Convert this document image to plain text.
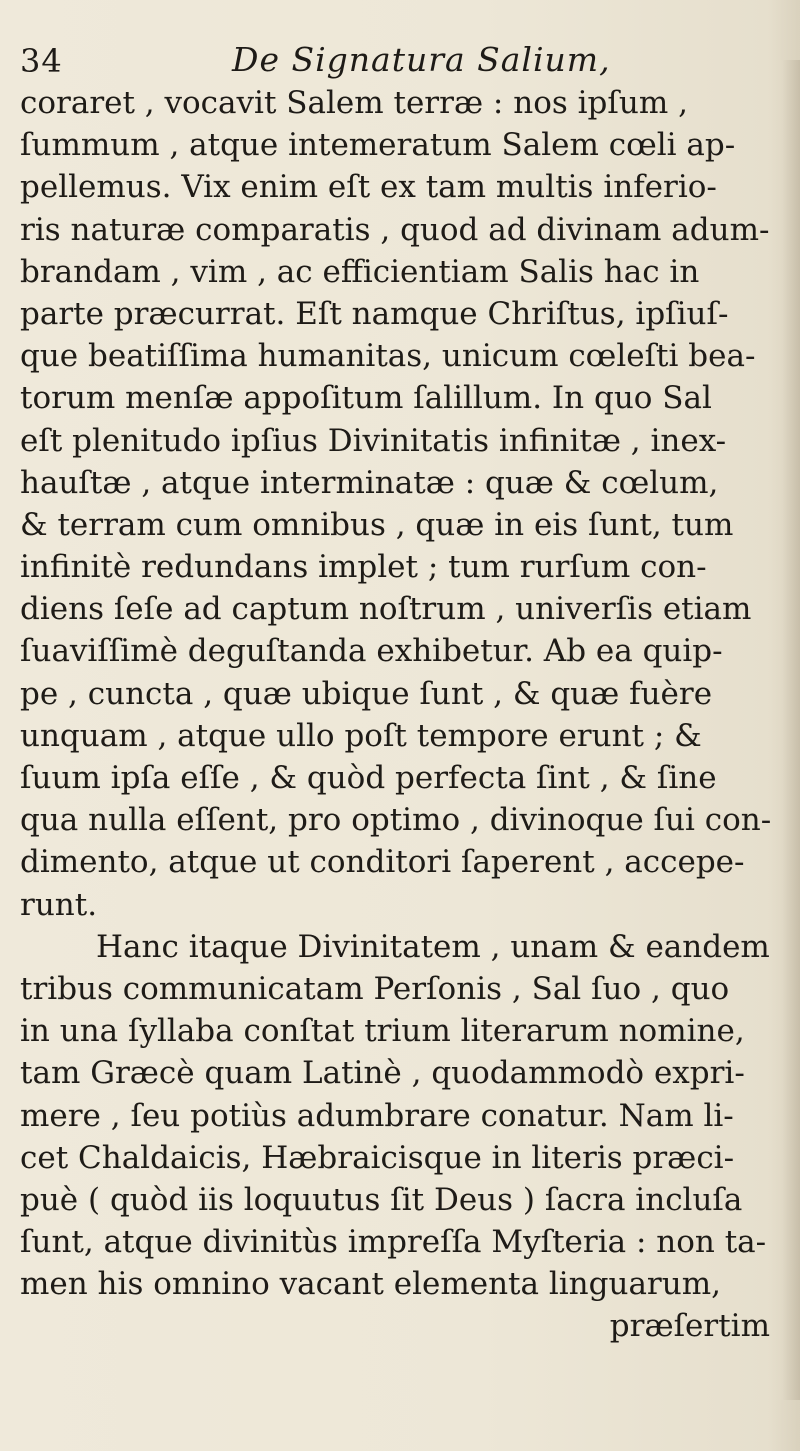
34	De Signatura Salium,
coraret , vocavit Salem terræ : nos ipſum ,
ſummum , atque intemeratum Salem cœli ap-
pellemus. Vix enim eſt ex tam multis inferio-
ris naturæ comparatis , quod ad divinam adum-
brandam , vim , ac efficientiam Salis hac in
parte præcurrat. Eſt namque Chriſtus, ipſiuſ-
que beatiſſima humanitas, unicum cœleſti bea-
torum menſæ appoſitum ſalillum. In quo Sal
eſt plenitudo ipſius Divinitatis infinitæ , inex-
hauſtæ , atque interminatæ : quæ & cœlum,
& terram cum omnibus , quæ in eis ſunt, tum
infinitè redundans implet ; tum rurſum con-
diens ſeſe ad captum noſtrum , univerſis etiam
ſuaviſſimè deguſtanda exhibetur. Ab ea quip-
pe , cuncta , quæ ubique ſunt , & quæ fuère
unquam , atque ullo poſt tempore erunt ; &
ſuum ipſa eſſe , & quòd perfecta ſint , & ſine
qua nulla eſſent, pro optimo , divinoque ſui con-
dimento, atque ut conditori ſaperent , accepe-
runt.
Hanc itaque Divinitatem , unam & eandem
tribus communicatam Perſonis , Sal ſuo , quo
in una ſyllaba conſtat trium literarum nomine,
tam Græcè quam Latinè , quodammodò expri-
mere , ſeu potiùs adumbrare conatur. Nam li-
cet Chaldaicis, Hæbraicisque in literis præci-
puè ( quòd iis loquutus ſit Deus ) ſacra incluſa
ſunt, atque divinitùs impreſſa Myſteria : non ta-
men his omnino vacant elementa linguarum,
præſertim
